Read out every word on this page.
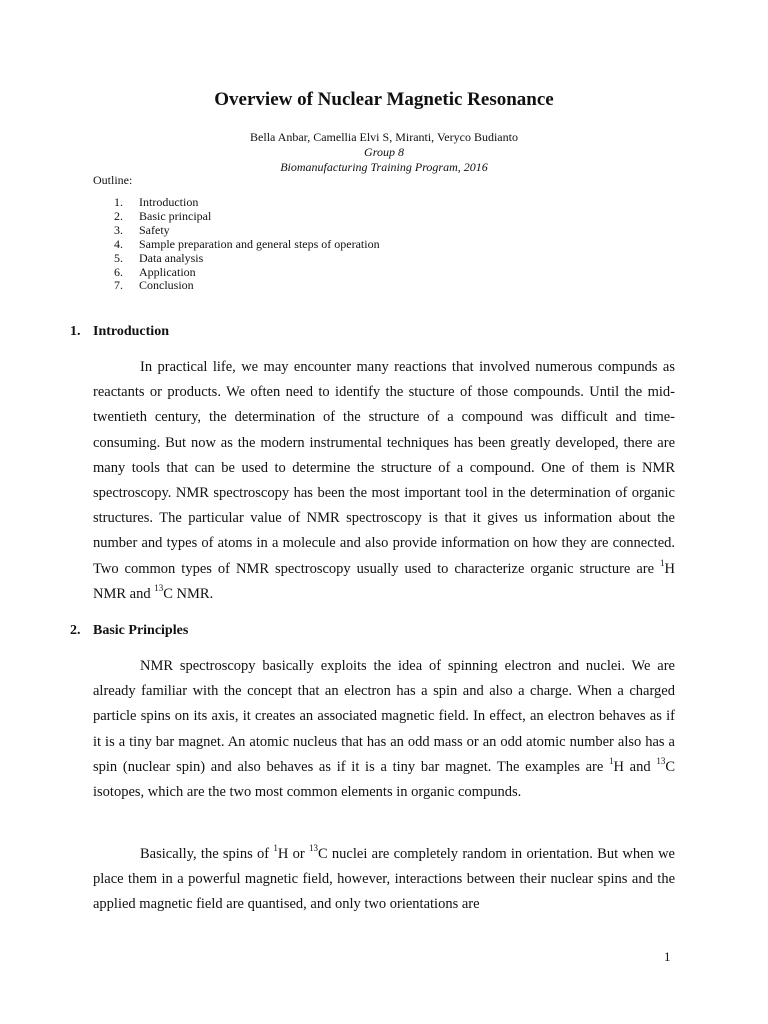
Overview of Nuclear Magnetic Resonance
Bella Anbar, Camellia Elvi S, Miranti, Veryco Budianto
Group 8
Biomanufacturing Training Program, 2016
Outline:
1. Introduction
2. Basic principal
3. Safety
4. Sample preparation and general steps of operation
5. Data analysis
6. Application
7. Conclusion
1. Introduction

In practical life, we may encounter many reactions that involved numerous compunds as reactants or products. We often need to identify the stucture of those compounds. Until the mid-twentieth century, the determination of the structure of a compound was difficult and time-consuming. But now as the modern instrumental techniques has been greatly developed, there are many tools that can be used to determine the structure of a compound. One of them is NMR spectroscopy. NMR spectroscopy has been the most important tool in the determination of organic structures. The particular value of NMR spectroscopy is that it gives us information about the number and types of atoms in a molecule and also provide information on how they are connected. Two common types of NMR spectroscopy usually used to characterize organic structure are $^1$H NMR and $^{13}$C NMR.

2. Basic Principles

NMR spectroscopy basically exploits the idea of spinning electron and nuclei. We are already familiar with the concept that an electron has a spin and also a charge. When a charged particle spins on its axis, it creates an associated magnetic field. In effect, an electron behaves as if it is a tiny bar magnet. An atomic nucleus that has an odd mass or an odd atomic number also has a spin (nuclear spin) and also behaves as if it is a tiny bar magnet. The examples are $^1$H and $^{13}$C isotopes, which are the two most common elements in organic compunds.

Basically, the spins of $^1$H or $^{13}$C nuclei are completely random in orientation. But when we place them in a powerful magnetic field, however, interactions between their nuclear spins and the applied magnetic field are quantised, and only two orientations are

1
